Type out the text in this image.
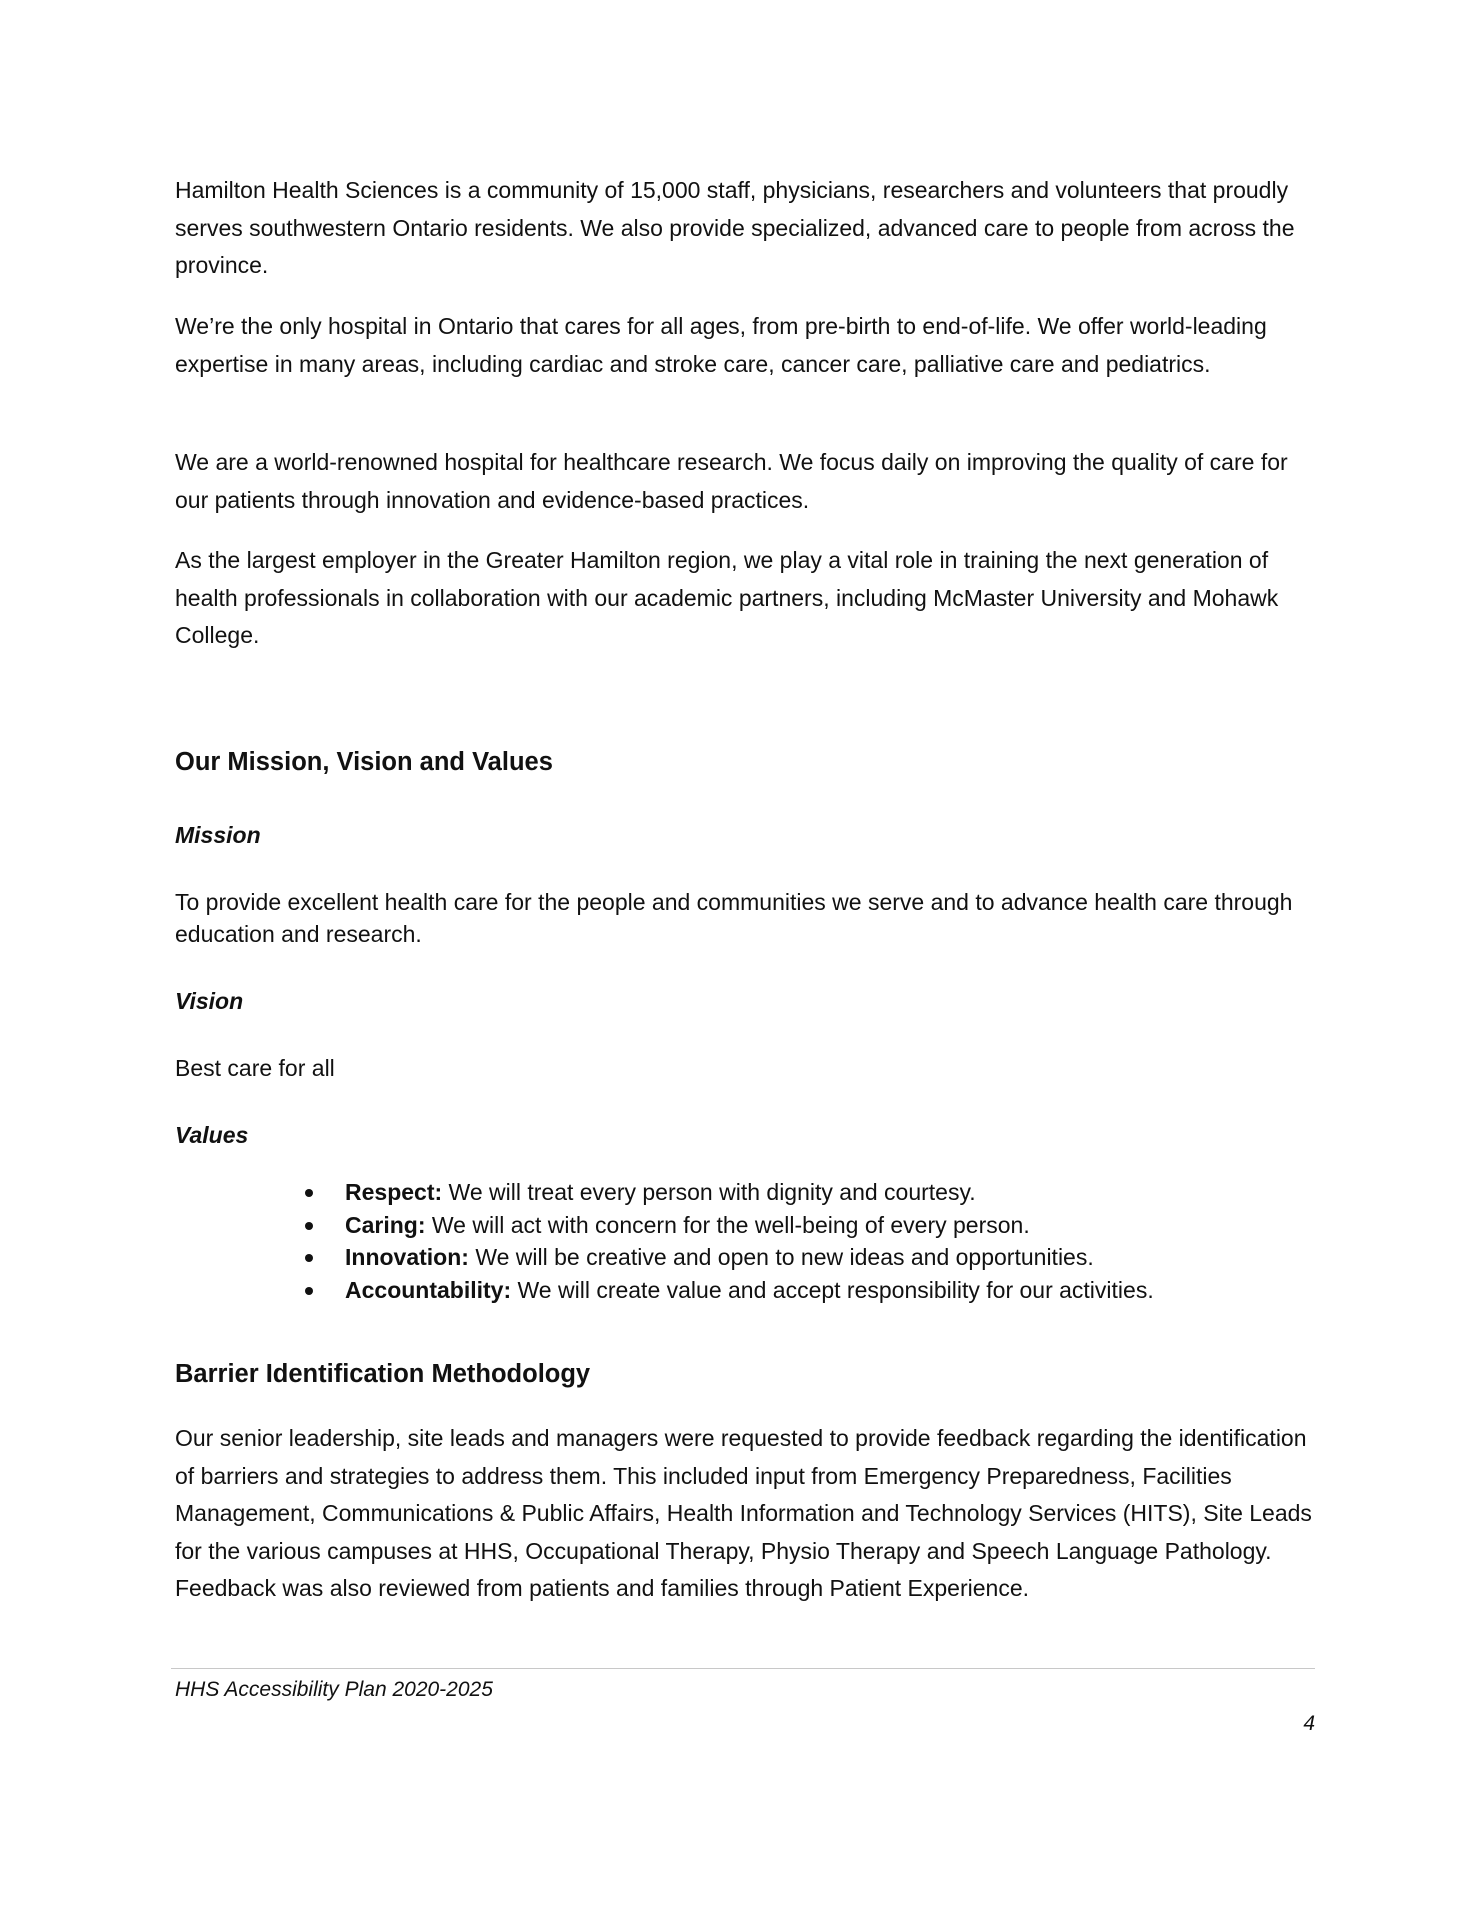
Hamilton Health Sciences is a community of 15,000 staff, physicians, researchers and volunteers that proudly serves southwestern Ontario residents. We also provide specialized, advanced care to people from across the province.

We’re the only hospital in Ontario that cares for all ages, from pre-birth to end-of-life. We offer world-leading expertise in many areas, including cardiac and stroke care, cancer care, palliative care and pediatrics.

We are a world-renowned hospital for healthcare research. We focus daily on improving the quality of care for our patients through innovation and evidence-based practices.

As the largest employer in the Greater Hamilton region, we play a vital role in training the next generation of health professionals in collaboration with our academic partners, including McMaster University and Mohawk College.

Our Mission, Vision and Values
Mission

To provide excellent health care for the people and communities we serve and to advance health care through education and research.

Vision

Best care for all

Values
Respect: We will treat every person with dignity and courtesy.
Caring: We will act with concern for the well-being of every person.
Innovation: We will be creative and open to new ideas and opportunities.
Accountability: We will create value and accept responsibility for our activities.
Barrier Identification Methodology

Our senior leadership, site leads and managers were requested to provide feedback regarding the identification of barriers and strategies to address them. This included input from Emergency Preparedness, Facilities Management, Communications & Public Affairs, Health Information and Technology Services (HITS), Site Leads for the various campuses at HHS, Occupational Therapy, Physio Therapy and Speech Language Pathology. Feedback was also reviewed from patients and families through Patient Experience.

HHS Accessibility Plan 2020-2025

4
